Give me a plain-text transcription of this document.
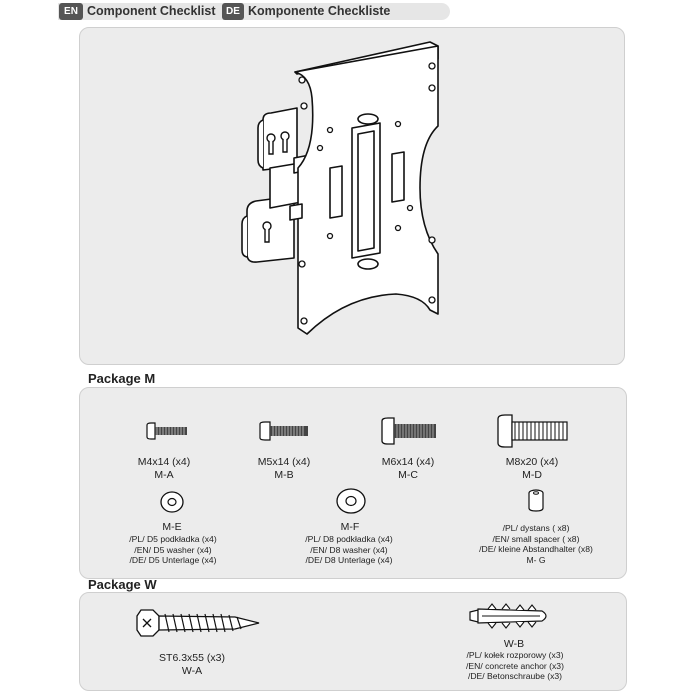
EN Component Checklist	DE Komponente Checkliste
Package M
M4x14 (x4)
M-A
M5x14 (x4)
M-B
M6x14 (x4)
M-C
M8x20 (x4)
M-D
M-E
/PL/ D5 podkładka (x4)
/EN/ D5 washer (x4)
/DE/ D5 Unterlage (x4)
M-F
/PL/ D8 podkładka (x4)
/EN/ D8 washer (x4)
/DE/ D8 Unterlage (x4)
/PL/ dystans ( x8)
/EN/ small spacer ( x8)
/DE/ kleine Abstandhalter (x8)
M- G
Package W
ST6.3x55 (x3)
W-A
W-B
/PL/ kołek rozporowy (x3)
/EN/ concrete anchor (x3)
/DE/ Betonschraube (x3)
